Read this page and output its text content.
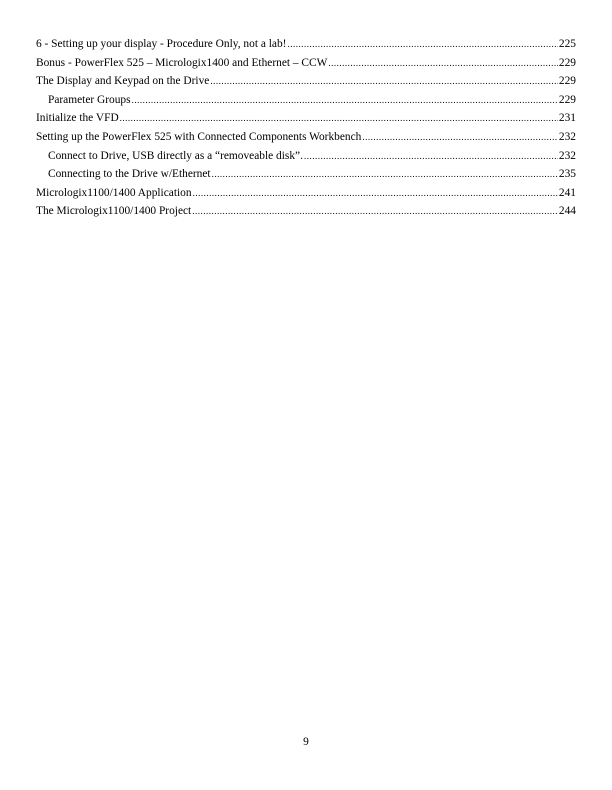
6 - Setting up your display - Procedure Only, not a lab! .....	225
Bonus - PowerFlex 525 – Micrologix1400 and Ethernet – CCW .....	229
The Display and Keypad on the Drive .....	229
Parameter Groups .....	229
Initialize the VFD .....	231
Setting up the PowerFlex 525 with Connected Components Workbench .....	232
Connect to Drive, USB directly as a “removeable disk”. .....	232
Connecting to the Drive w/Ethernet .....	235
Micrologix1100/1400 Application .....	241
The Micrologix1100/1400 Project .....	244
9
